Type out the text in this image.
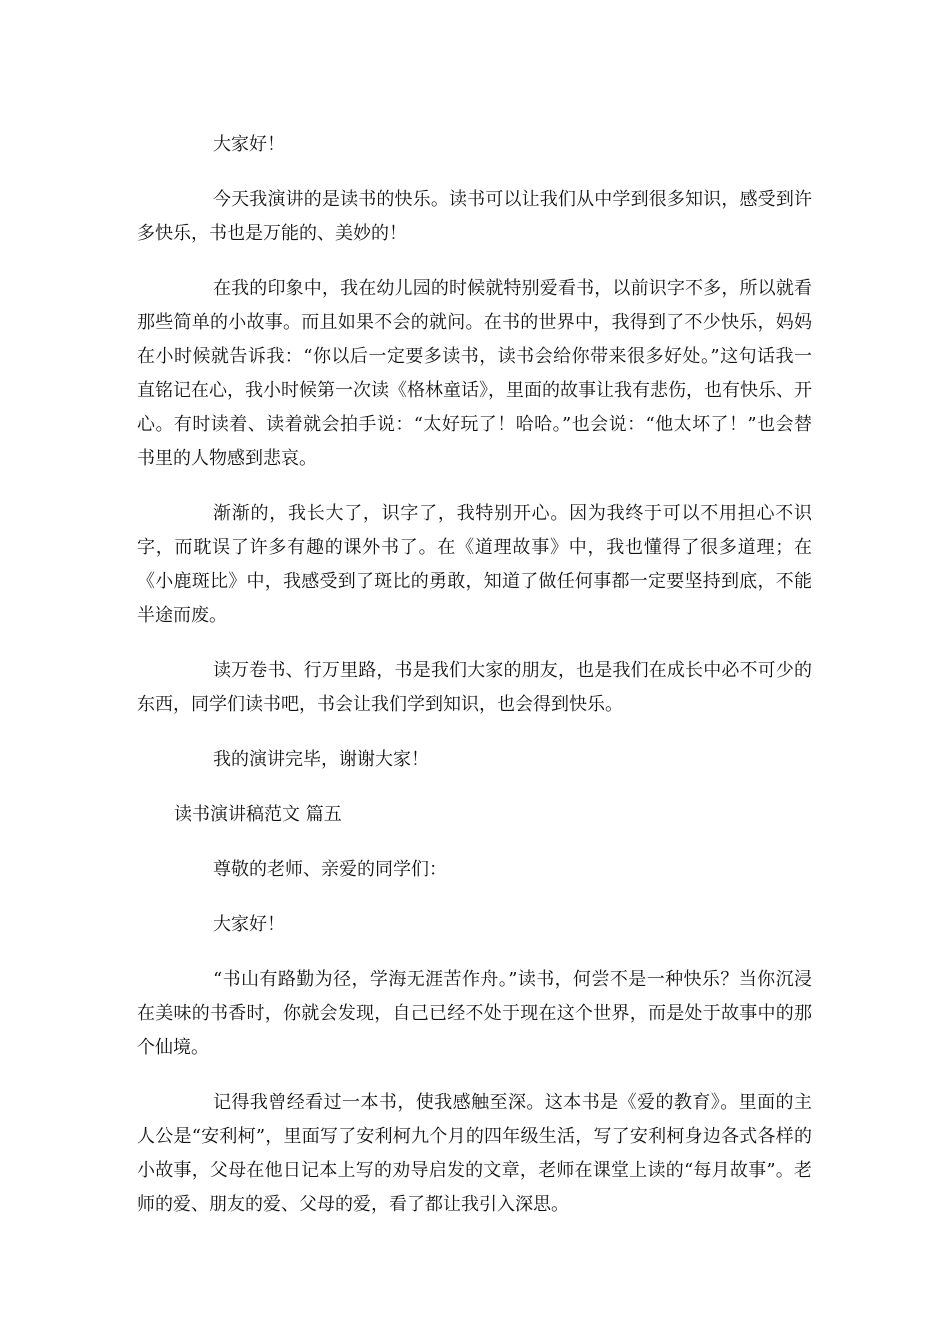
大家好！

今天我演讲的是读书的快乐。读书可以让我们从中学到很多知识，感受到许多快乐，书也是万能的、美妙的！

在我的印象中，我在幼儿园的时候就特别爱看书，以前识字不多，所以就看那些简单的小故事。而且如果不会的就问。在书的世界中，我得到了不少快乐，妈妈在小时候就告诉我：“你以后一定要多读书，读书会给你带来很多好处。”这句话我一直铭记在心，我小时候第一次读《格林童话》，里面的故事让我有悲伤，也有快乐、开心。有时读着、读着就会拍手说：“太好玩了！哈哈。”也会说：“他太坏了！”也会替书里的人物感到悲哀。

渐渐的，我长大了，识字了，我特别开心。因为我终于可以不用担心不识字，而耽误了许多有趣的课外书了。在《道理故事》中，我也懂得了很多道理；在《小鹿斑比》中，我感受到了斑比的勇敢，知道了做任何事都一定要坚持到底，不能半途而废。

读万卷书、行万里路，书是我们大家的朋友，也是我们在成长中必不可少的东西，同学们读书吧，书会让我们学到知识，也会得到快乐。

我的演讲完毕，谢谢大家！

读书演讲稿范文 篇五

尊敬的老师、亲爱的同学们：

大家好！

“书山有路勤为径，学海无涯苦作舟。”读书，何尝不是一种快乐？当你沉浸在美味的书香时，你就会发现，自己已经不处于现在这个世界，而是处于故事中的那个仙境。

记得我曾经看过一本书，使我感触至深。这本书是《爱的教育》。里面的主人公是“安利柯”，里面写了安利柯九个月的四年级生活，写了安利柯身边各式各样的小故事，父母在他日记本上写的劝导启发的文章，老师在课堂上读的“每月故事”。老师的爱、朋友的爱、父母的爱，看了都让我引入深思。
